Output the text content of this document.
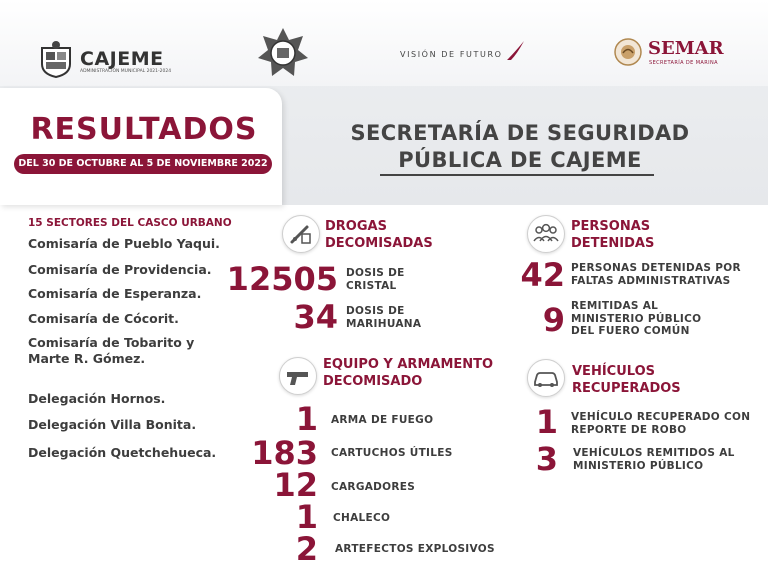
CAJEME
ADMINISTRACIÓN MUNICIPAL 2021-2024
VISIÓN DE FUTURO	SEMAR
SECRETARÍA DE MARINA
RESULTADOS
DEL 30 DE OCTUBRE AL 5 DE NOVIEMBRE 2022
SECRETARÍA DE SEGURIDAD
PÚBLICA DE CAJEME
15 SECTORES DEL CASCO URBANO
Comisaría de Pueblo Yaqui.
Comisaría de Providencia.
Comisaría de Esperanza.
Comisaría de Cócorit.
Comisaría de Tobarito y
Marte R. Gómez.
Delegación Hornos.
Delegación Villa Bonita.
Delegación Quetchehueca.
DROGAS
DECOMISADAS
12505 DOSIS DE
CRISTAL
34 DOSIS DE
MARIHUANA
EQUIPO Y ARMAMENTO
DECOMISADO
1 ARMA DE FUEGO
183 CARTUCHOS ÚTILES
12 CARGADORES
1 CHALECO
2 ARTEFECTOS EXPLOSIVOS
PERSONAS
DETENIDAS
42 PERSONAS DETENIDAS POR
FALTAS ADMINISTRATIVAS
9 REMITIDAS AL
MINISTERIO PÚBLICO
DEL FUERO COMÚN
VEHÍCULOS
RECUPERADOS
1 VEHÍCULO RECUPERADO CON
REPORTE DE ROBO
3 VEHÍCULOS REMITIDOS AL
MINISTERIO PÚBLICO
